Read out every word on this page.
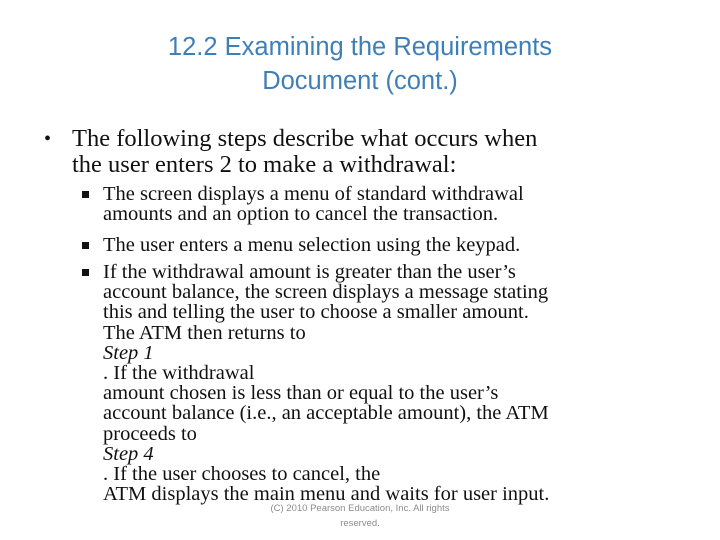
12.2 Examining the Requirements
Document (cont.)
• The following steps describe what occurs when
the user enters 2 to make a withdrawal:
The screen displays a menu of standard withdrawal
amounts and an option to cancel the transaction.
The user enters a menu selection using the keypad.
If the withdrawal amount is greater than the user’s
account balance, the screen displays a message stating
this and telling the user to choose a smaller amount.
The ATM then returns to
Step 1
. If the withdrawal
amount chosen is less than or equal to the user’s
account balance (i.e., an acceptable amount), the ATM
proceeds to
Step 4
. If the user chooses to cancel, the
ATM displays the main menu and waits for user input.
(C) 2010 Pearson Education, Inc. All rights
reserved.
